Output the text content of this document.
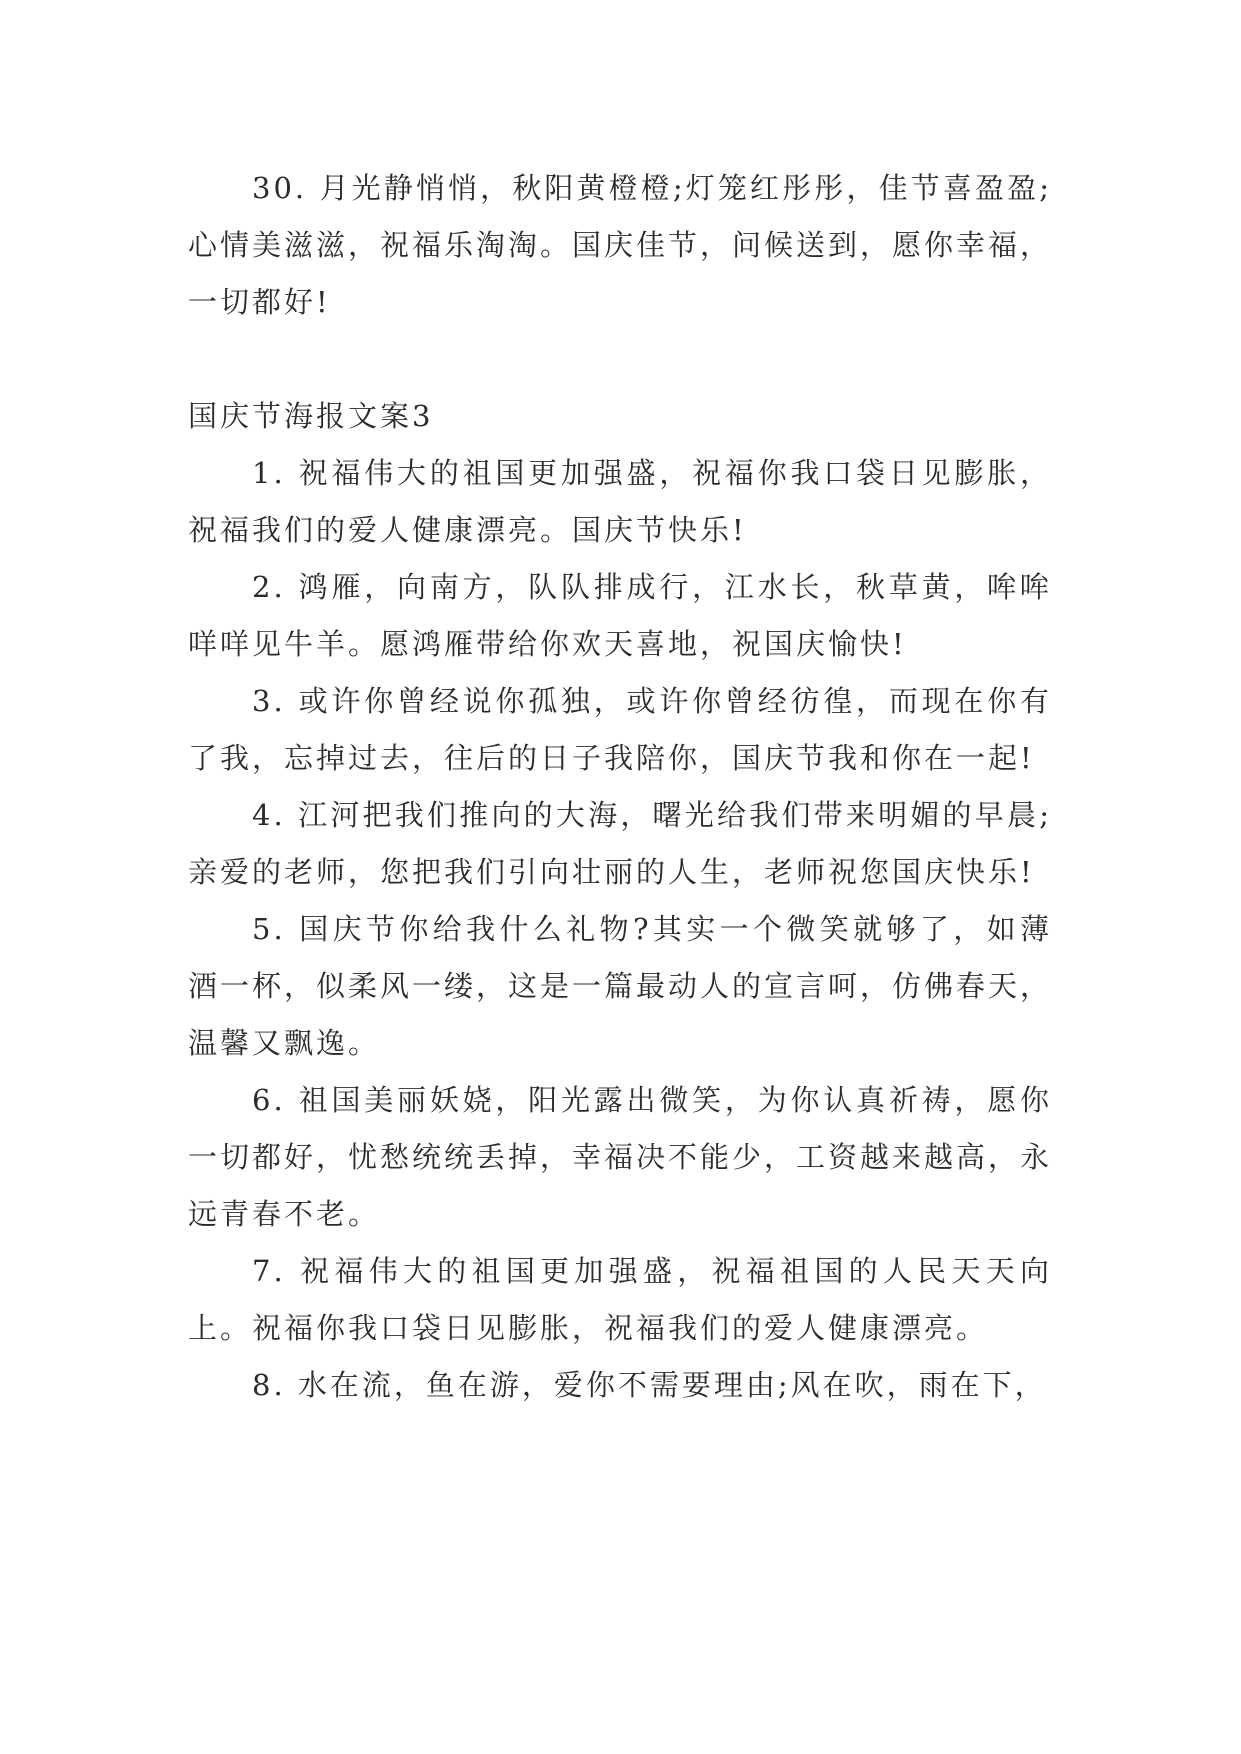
30. 月光静悄悄，秋阳黄橙橙;灯笼红彤彤，佳节喜盈盈;心情美滋滋，祝福乐淘淘。国庆佳节，问候送到，愿你幸福，一切都好!

国庆节海报文案3

1. 祝福伟大的祖国更加强盛，祝福你我口袋日见膨胀，祝福我们的爱人健康漂亮。国庆节快乐!

2. 鸿雁，向南方，队队排成行，江水长，秋草黄，哞哞咩咩见牛羊。愿鸿雁带给你欢天喜地，祝国庆愉快!

3. 或许你曾经说你孤独，或许你曾经彷徨，而现在你有了我，忘掉过去，往后的日子我陪你，国庆节我和你在一起!

4. 江河把我们推向的大海，曙光给我们带来明媚的早晨;亲爱的老师，您把我们引向壮丽的人生，老师祝您国庆快乐!

5. 国庆节你给我什么礼物?其实一个微笑就够了，如薄酒一杯，似柔风一缕，这是一篇最动人的宣言呵，仿佛春天，温馨又飘逸。

6. 祖国美丽妖娆，阳光露出微笑，为你认真祈祷，愿你一切都好，忧愁统统丢掉，幸福决不能少，工资越来越高，永远青春不老。

7. 祝福伟大的祖国更加强盛，祝福祖国的人民天天向上。祝福你我口袋日见膨胀，祝福我们的爱人健康漂亮。

8. 水在流，鱼在游，爱你不需要理由;风在吹，雨在下，
